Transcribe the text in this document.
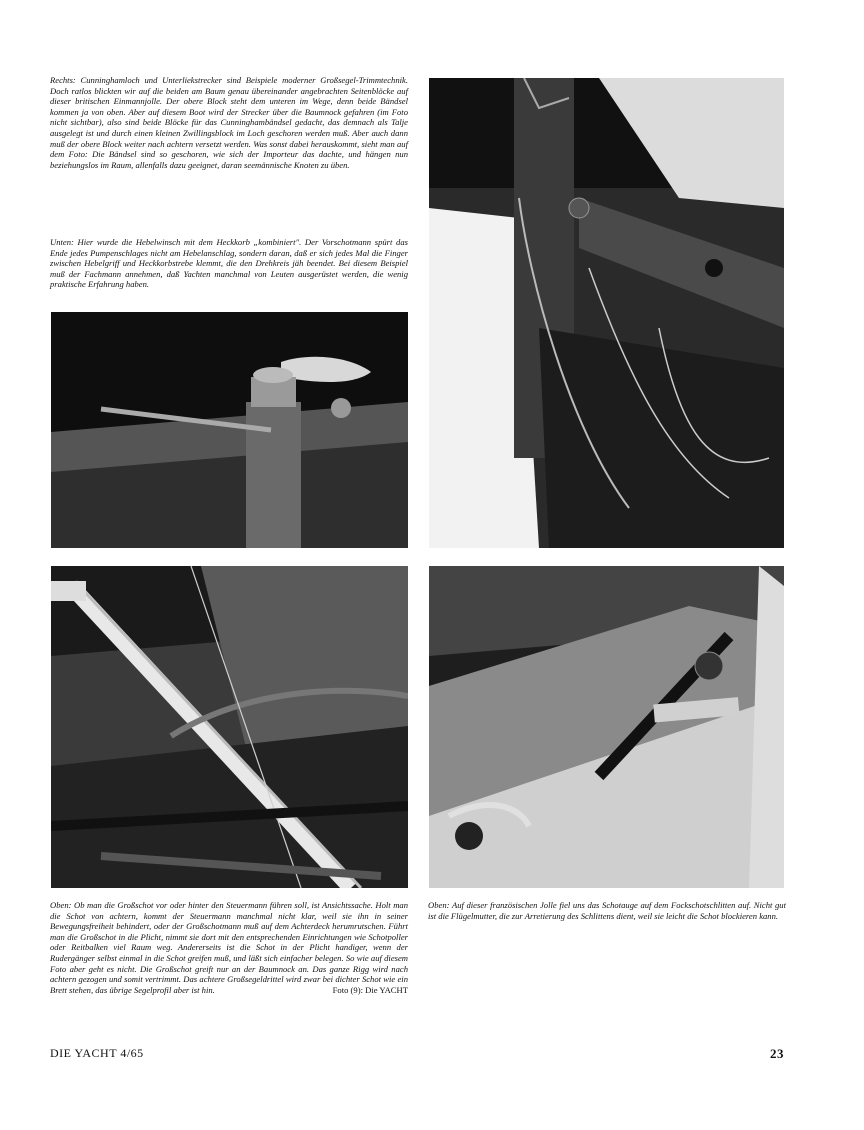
Rechts: Cunninghamloch und Unterliekstrecker sind Beispiele moderner Großsegel-Trimmtechnik. Doch ratlos blickten wir auf die beiden am Baum genau übereinander angebrachten Seitenblöcke auf dieser britischen Einmannjolle. Der obere Block steht dem unteren im Wege, denn beide Bändsel kommen ja von oben. Aber auf diesem Boot wird der Strecker über die Baumnock gefahren (im Foto nicht sichtbar), also sind beide Blöcke für das Cunninghambändsel gedacht, das demnach als Talje ausgelegt ist und durch einen kleinen Zwillingsblock im Loch geschoren werden muß. Aber auch dann muß der obere Block weiter nach achtern versetzt werden. Was sonst dabei herauskommt, sieht man auf dem Foto: Die Bändsel sind so geschoren, wie sich der Importeur das dachte, und hängen nun beziehungslos im Raum, allenfalls dazu geeignet, daran seemännische Knoten zu üben.

Unten: Hier wurde die Hebelwinsch mit dem Heckkorb „kombiniert". Der Vorschotmann spürt das Ende jedes Pumpenschlages nicht am Hebelanschlag, sondern daran, daß er sich jedes Mal die Finger zwischen Hebelgriff und Heckkorbstrebe klemmt, die den Drehkreis jäh beendet. Bei diesem Beispiel muß der Fachmann annehmen, daß Yachten manchmal von Leuten ausgerüstet werden, die wenig praktische Erfahrung haben.

Oben: Ob man die Großschot vor oder hinter den Steuermann führen soll, ist Ansichtssache. Holt man die Schot von achtern, kommt der Steuermann manchmal nicht klar, weil sie ihn in seiner Bewegungsfreiheit behindert, oder der Großschotmann muß auf dem Achterdeck herumrutschen. Führt man die Großschot in die Plicht, nimmt sie dort mit den entsprechenden Einrichtungen wie Schotpoller oder Reitbalken viel Raum weg. Andererseits ist die Schot in der Plicht handiger, wenn der Rudergänger selbst einmal in die Schot greifen muß, und läßt sich einfacher belegen. So wie auf diesem Foto aber geht es nicht. Die Großschot greift nur an der Baumnock an. Das ganze Rigg wird nach achtern gezogen und somit vertrimmt. Das achtere Großsegeldrittel wird zwar bei dichter Schot wie ein Brett stehen, das übrige Segelprofil aber ist hin.	Foto (9): Die YACHT

Oben: Auf dieser französischen Jolle fiel uns das Schotauge auf dem Fockschotschlitten auf. Nicht gut ist die Flügelmutter, die zur Arretierung des Schlittens dient, weil sie leicht die Schot blockieren kann.

DIE YACHT 4/65	23
